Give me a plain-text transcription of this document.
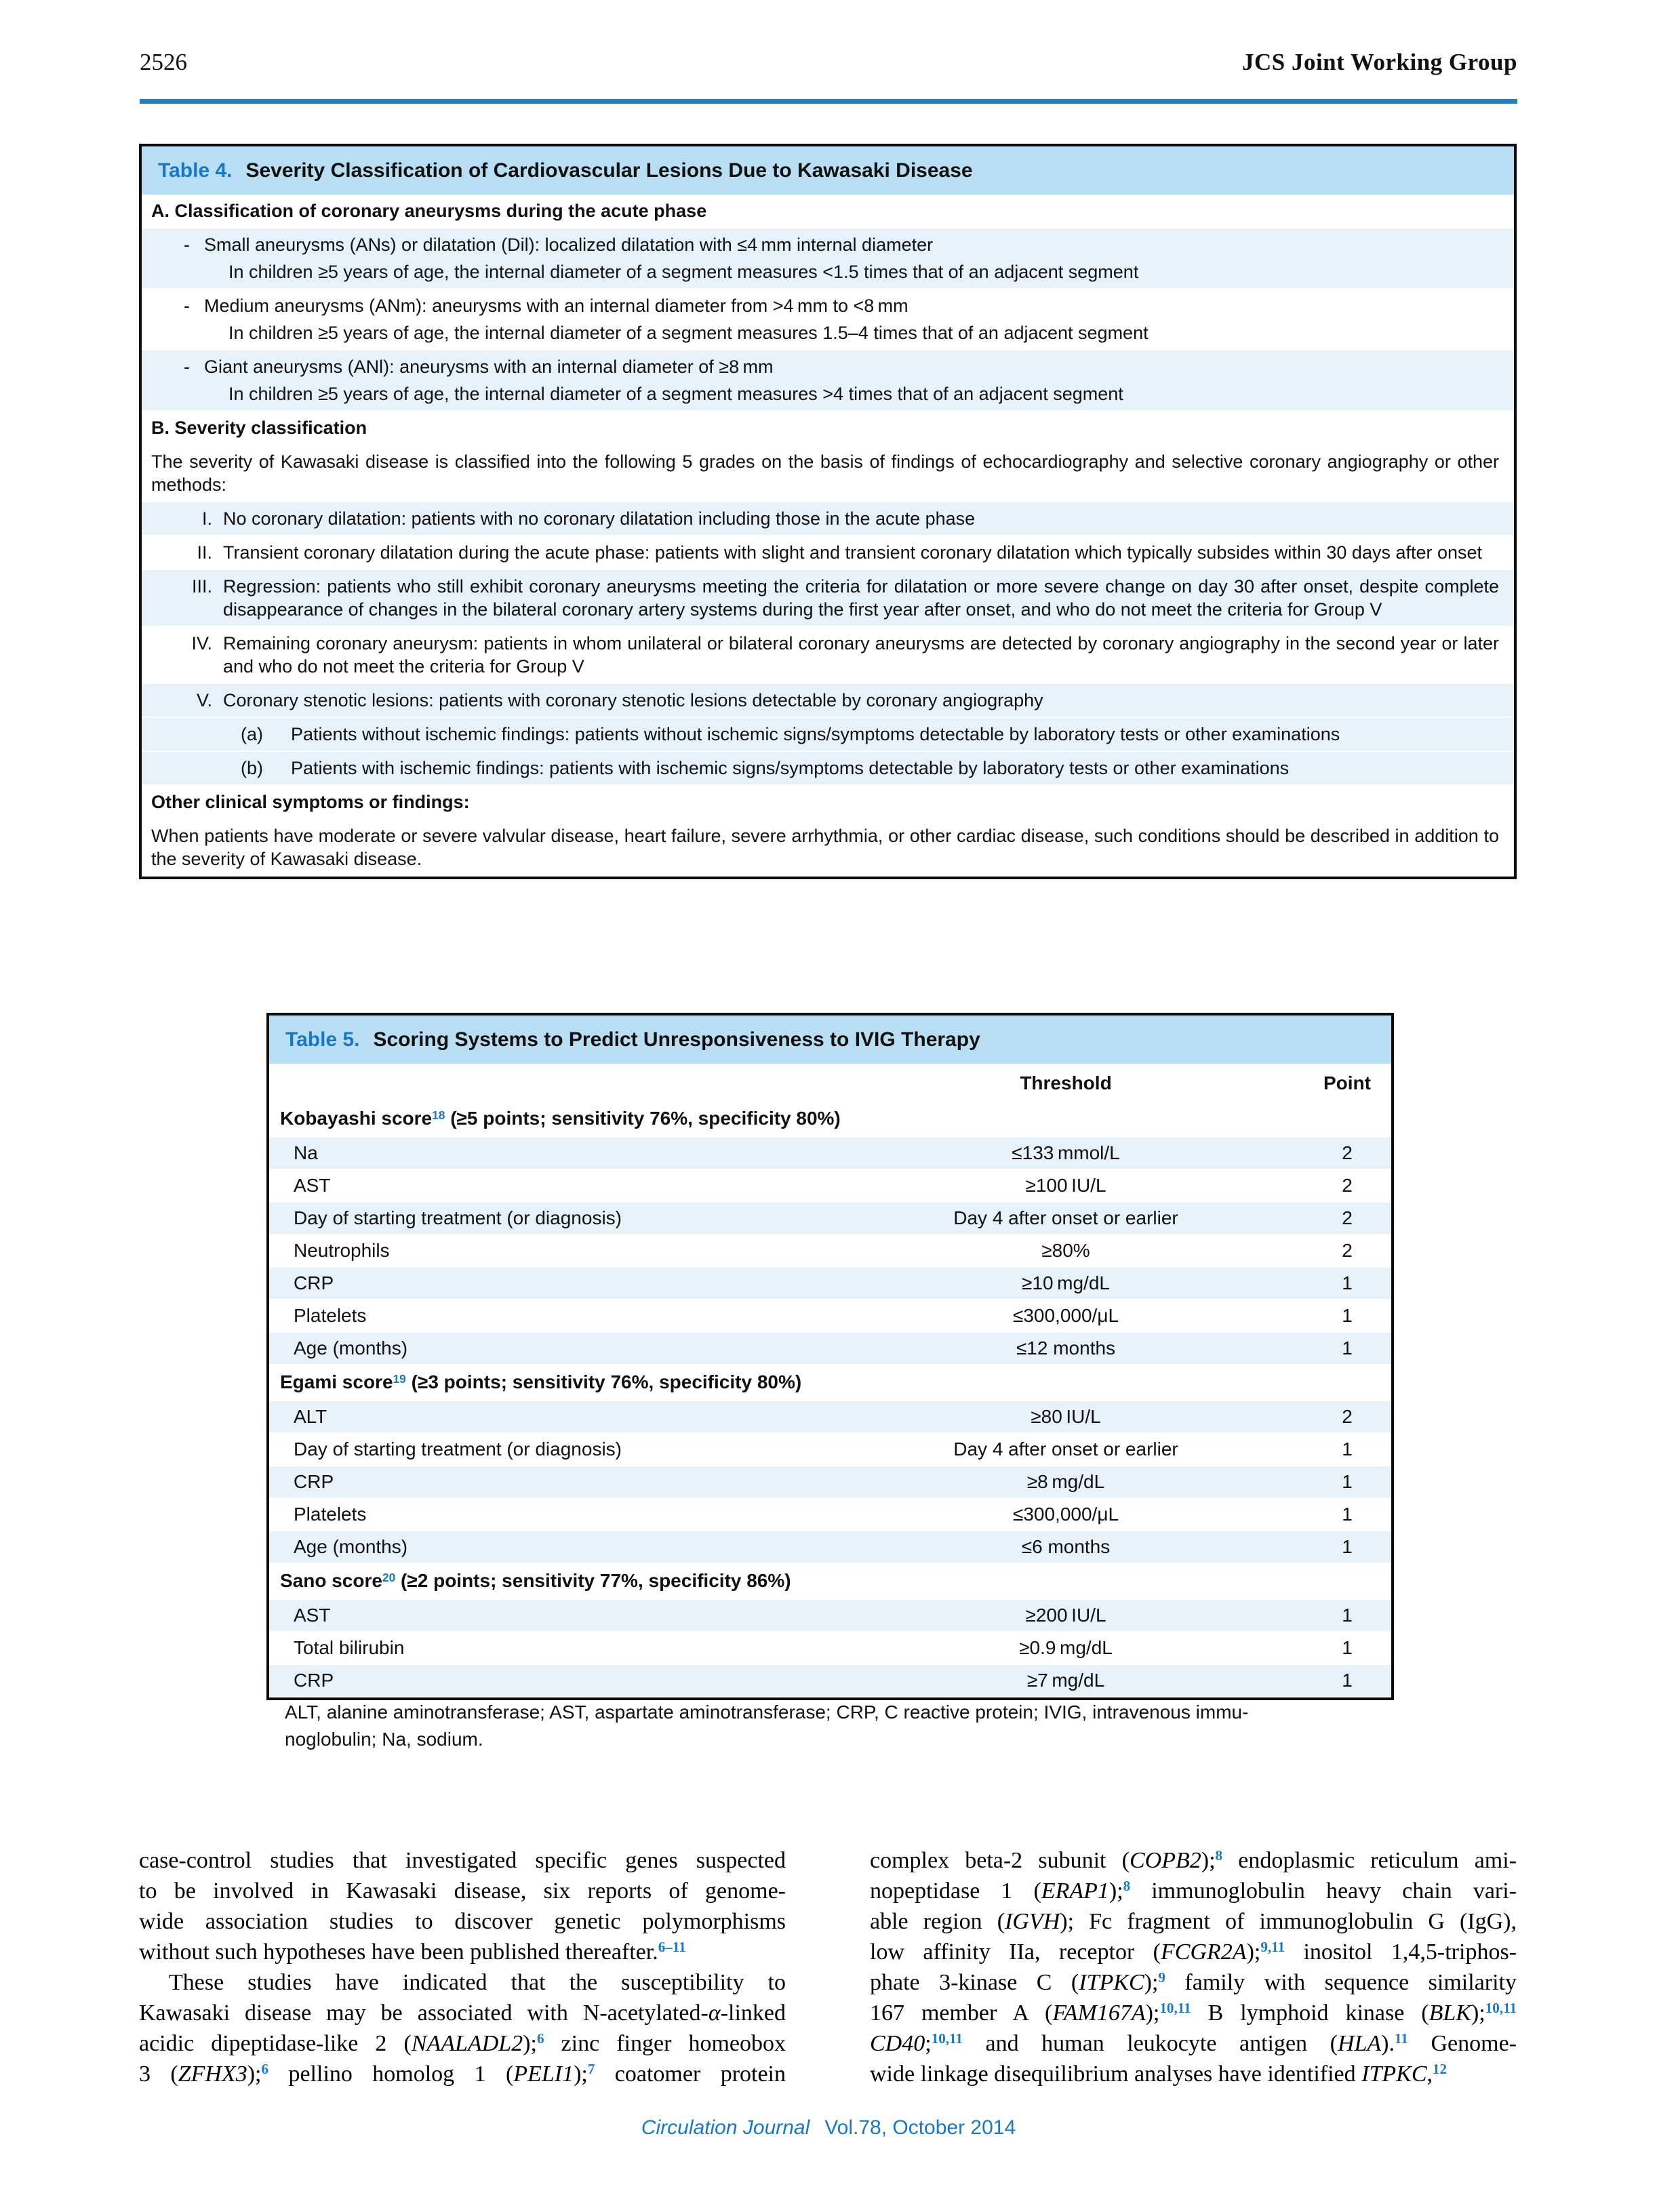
2526	JCS Joint Working Group
Table 4. Severity Classification of Cardiovascular Lesions Due to Kawasaki Disease
A. Classification of coronary aneurysms during the acute phase
- Small aneurysms (ANs) or dilatation (Dil): localized dilatation with ≤4 mm internal diameter
In children ≥5 years of age, the internal diameter of a segment measures <1.5 times that of an adjacent segment
- Medium aneurysms (ANm): aneurysms with an internal diameter from >4 mm to <8 mm
In children ≥5 years of age, the internal diameter of a segment measures 1.5–4 times that of an adjacent segment
- Giant aneurysms (ANl): aneurysms with an internal diameter of ≥8 mm
In children ≥5 years of age, the internal diameter of a segment measures >4 times that of an adjacent segment
B. Severity classification
The severity of Kawasaki disease is classified into the following 5 grades on the basis of findings of echocardiography and selective coronary angiography or other methods:
I. No coronary dilatation: patients with no coronary dilatation including those in the acute phase
II. Transient coronary dilatation during the acute phase: patients with slight and transient coronary dilatation which typically subsides within 30 days after onset
III. Regression: patients who still exhibit coronary aneurysms meeting the criteria for dilatation or more severe change on day 30 after onset, despite complete disappearance of changes in the bilateral coronary artery systems during the first year after onset, and who do not meet the criteria for Group V
IV. Remaining coronary aneurysm: patients in whom unilateral or bilateral coronary aneurysms are detected by coronary angiography in the second year or later and who do not meet the criteria for Group V
V. Coronary stenotic lesions: patients with coronary stenotic lesions detectable by coronary angiography
(a)	Patients without ischemic findings: patients without ischemic signs/symptoms detectable by laboratory tests or other examinations
(b)	Patients with ischemic findings: patients with ischemic signs/symptoms detectable by laboratory tests or other examinations
Other clinical symptoms or findings:
When patients have moderate or severe valvular disease, heart failure, severe arrhythmia, or other cardiac disease, such conditions should be described in addition to the severity of Kawasaki disease.
Table 5. Scoring Systems to Predict Unresponsiveness to IVIG Therapy
Threshold	Point
Kobayashi score$^{18}$ (≥5 points; sensitivity 76%, specificity 80%)
Na	≤133 mmol/L	2
AST	≥100 IU/L	2
Day of starting treatment (or diagnosis)	Day 4 after onset or earlier	2
Neutrophils	≥80%	2
CRP	≥10 mg/dL	1
Platelets	≤300,000/μL	1
Age (months)	≤12 months	1
Egami score$^{19}$ (≥3 points; sensitivity 76%, specificity 80%)
ALT	≥80 IU/L	2
Day of starting treatment (or diagnosis)	Day 4 after onset or earlier	1
CRP	≥8 mg/dL	1
Platelets	≤300,000/μL	1
Age (months)	≤6 months	1
Sano score$^{20}$ (≥2 points; sensitivity 77%, specificity 86%)
AST	≥200 IU/L	1
Total bilirubin	≥0.9 mg/dL	1
CRP	≥7 mg/dL	1
ALT, alanine aminotransferase; AST, aspartate aminotransferase; CRP, C reactive protein; IVIG, intravenous immu-
noglobulin; Na, sodium.
case-control studies that investigated specific genes suspected
to be involved in Kawasaki disease, six reports of genome-
wide association studies to discover genetic polymorphisms
without such hypotheses have been published thereafter.$^{6-11}$
These studies have indicated that the susceptibility to
Kawasaki disease may be associated with N-acetylated-α-linked
acidic dipeptidase-like 2 (NAALADL2);$^6$ zinc finger homeobox
3 (ZFHX3);$^6$ pellino homolog 1 (PELI1);$^7$ coatomer protein
complex beta-2 subunit (COPB2);$^8$ endoplasmic reticulum ami-
nopeptidase 1 (ERAP1);$^8$ immunoglobulin heavy chain vari-
able region (IGVH); Fc fragment of immunoglobulin G (IgG),
low affinity IIa, receptor (FCGR2A);$^{9,11}$ inositol 1,4,5-triphos-
phate 3-kinase C (ITPKC);$^9$ family with sequence similarity
167 member A (FAM167A);$^{10,11}$ B lymphoid kinase (BLK);$^{10,11}$
CD40;$^{10,11}$ and human leukocyte antigen (HLA).$^{11}$ Genome-
wide linkage disequilibrium analyses have identified ITPKC,$^{12}$
Circulation Journal Vol.78, October 2014
